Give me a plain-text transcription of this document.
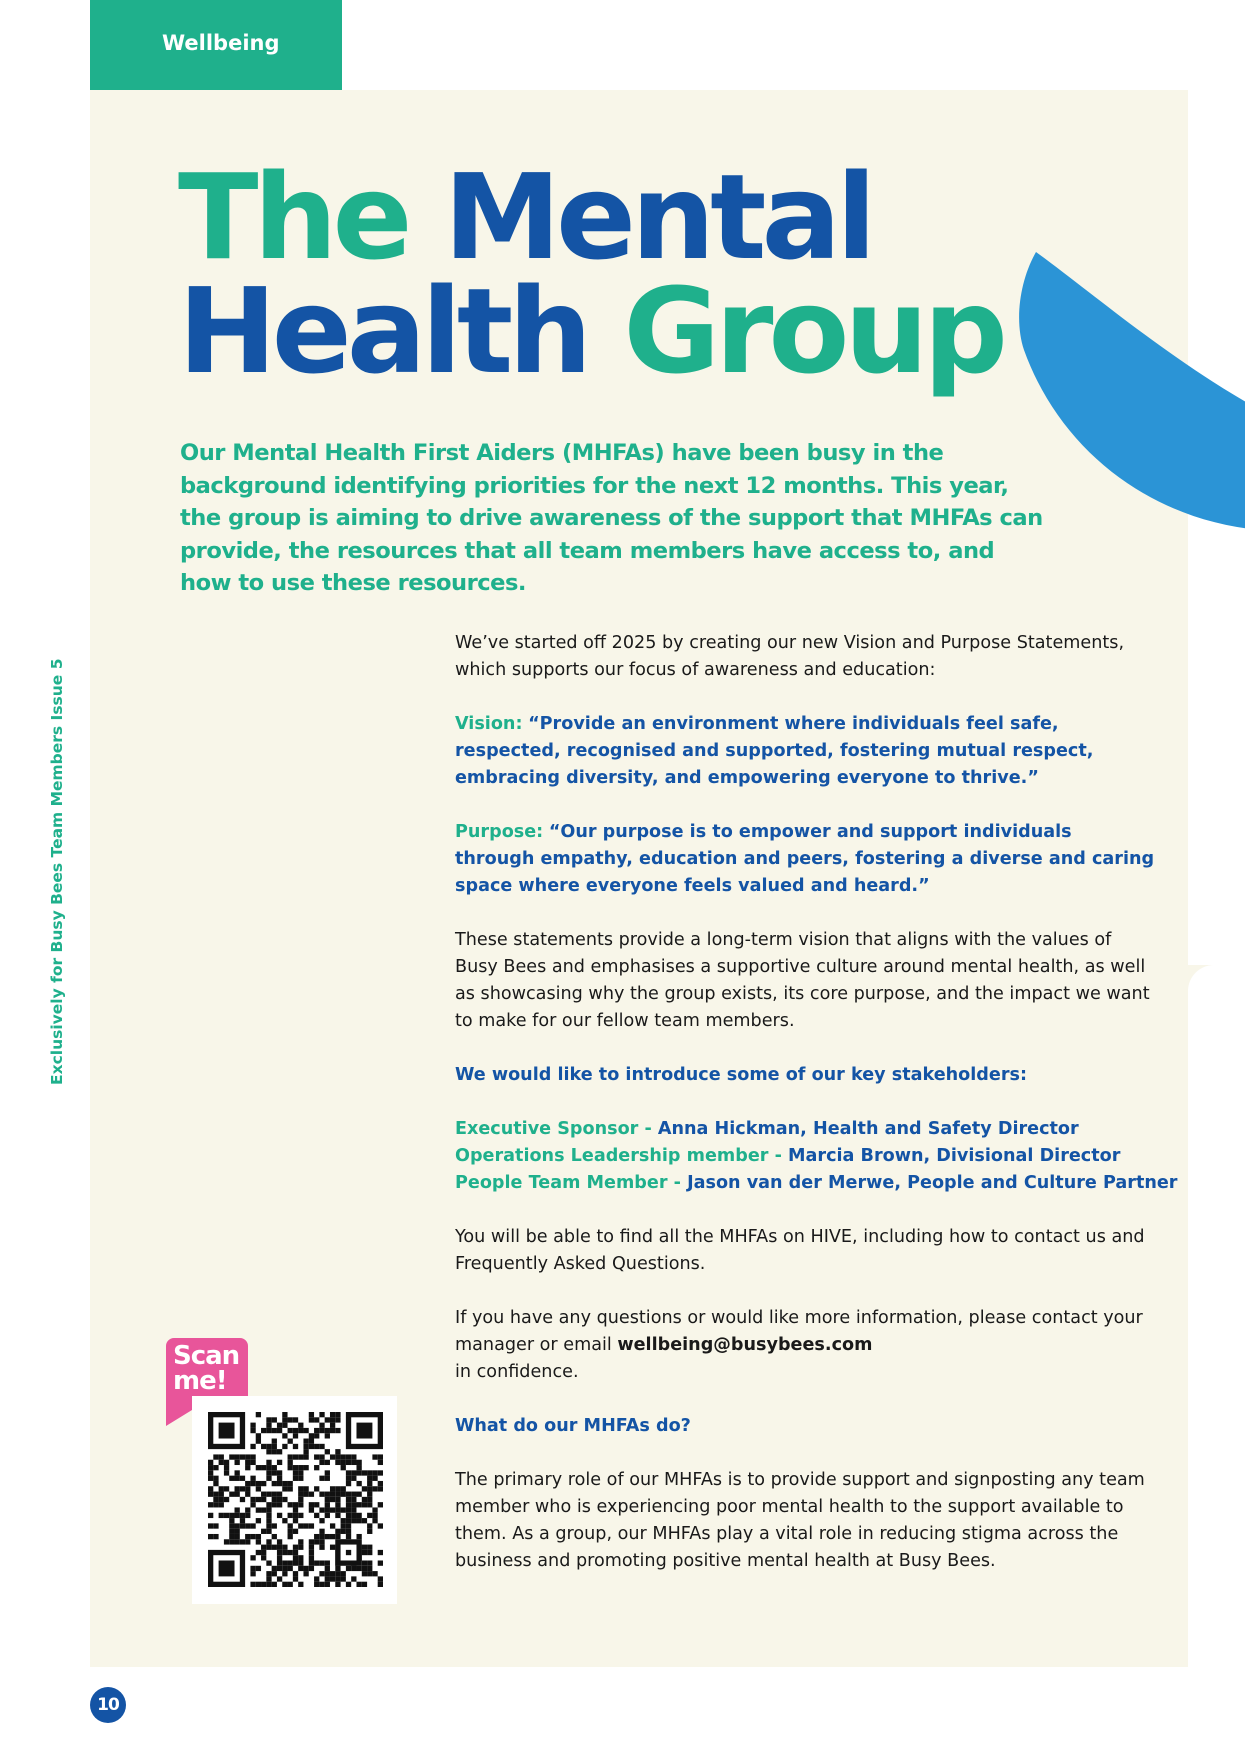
Wellbeing
Exclusively for Busy Bees Team Members Issue 5
The Mental
Health Group

Our Mental Health First Aiders (MHFAs) have been busy in the background identifying priorities for the next 12 months. This year, the group is aiming to drive awareness of the support that MHFAs can provide, the resources that all team members have access to, and how to use these resources.

We’ve started off 2025 by creating our new Vision and Purpose Statements, which supports our focus of awareness and education:

Vision: “Provide an environment where individuals feel safe, respected, recognised and supported, fostering mutual respect, embracing diversity, and empowering everyone to thrive.”

Purpose: “Our purpose is to empower and support individuals through empathy, education and peers, fostering a diverse and caring space where everyone feels valued and heard.”

These statements provide a long-term vision that aligns with the values of Busy Bees and emphasises a supportive culture around mental health, as well as showcasing why the group exists, its core purpose, and the impact we want to make for our fellow team members.

We would like to introduce some of our key stakeholders:

Executive Sponsor - Anna Hickman, Health and Safety Director

Operations Leadership member - Marcia Brown, Divisional Director

People Team Member - Jason van der Merwe, People and Culture Partner

You will be able to find all the MHFAs on HIVE, including how to contact us and Frequently Asked Questions.

If you have any questions or would like more information, please contact your manager or email wellbeing@busybees.com
in confidence.

What do our MHFAs do?

The primary role of our MHFAs is to provide support and signposting any team member who is experiencing poor mental health to the support available to them. As a group, our MHFAs play a vital role in reducing stigma across the business and promoting positive mental health at Busy Bees.

Scan
me!
10
